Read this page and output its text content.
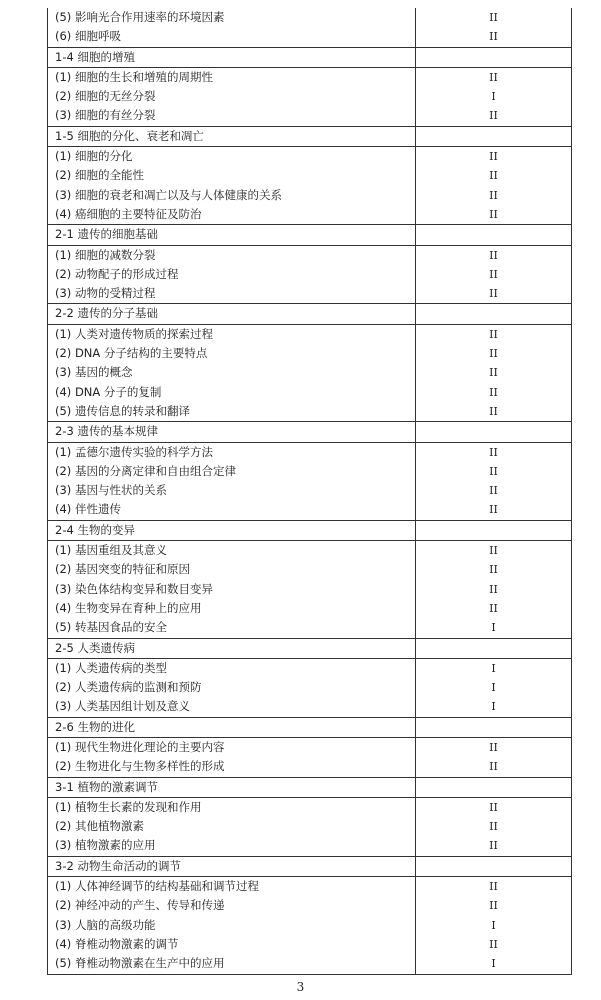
(5) 影响光合作用速率的环境因素	II
(6) 细胞呼吸	II
1-4 细胞的增殖
(1) 细胞的生长和增殖的周期性	II
(2) 细胞的无丝分裂	I
(3) 细胞的有丝分裂	II
1-5 细胞的分化、衰老和凋亡
(1) 细胞的分化	II
(2) 细胞的全能性	II
(3) 细胞的衰老和凋亡以及与人体健康的关系	II
(4) 癌细胞的主要特征及防治	II
2-1 遗传的细胞基础
(1) 细胞的减数分裂	II
(2) 动物配子的形成过程	II
(3) 动物的受精过程	II
2-2 遗传的分子基础
(1) 人类对遗传物质的探索过程	II
(2) DNA 分子结构的主要特点	II
(3) 基因的概念	II
(4) DNA 分子的复制	II
(5) 遗传信息的转录和翻译	II
2-3 遗传的基本规律
(1) 孟德尔遗传实验的科学方法	II
(2) 基因的分离定律和自由组合定律	II
(3) 基因与性状的关系	II
(4) 伴性遗传	II
2-4 生物的变异
(1) 基因重组及其意义	II
(2) 基因突变的特征和原因	II
(3) 染色体结构变异和数目变异	II
(4) 生物变异在育种上的应用	II
(5) 转基因食品的安全	I
2-5 人类遗传病
(1) 人类遗传病的类型	I
(2) 人类遗传病的监测和预防	I
(3) 人类基因组计划及意义	I
2-6 生物的进化
(1) 现代生物进化理论的主要内容	II
(2) 生物进化与生物多样性的形成	II
3-1 植物的激素调节
(1) 植物生长素的发现和作用	II
(2) 其他植物激素	II
(3) 植物激素的应用	II
3-2 动物生命活动的调节
(1) 人体神经调节的结构基础和调节过程	II
(2) 神经冲动的产生、传导和传递	II
(3) 人脑的高级功能	I
(4) 脊椎动物激素的调节	II
(5) 脊椎动物激素在生产中的应用	I
3
